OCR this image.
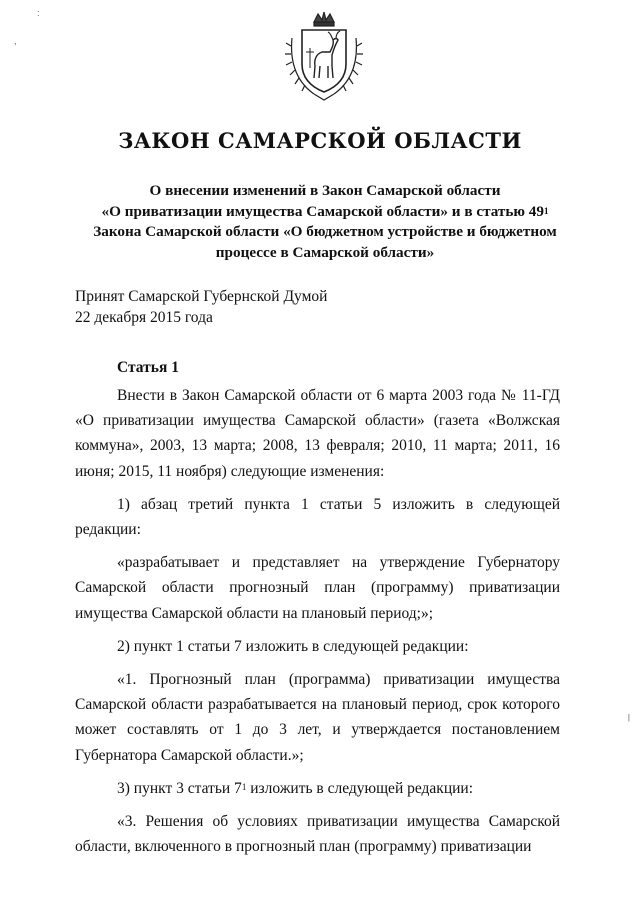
:
,
|
ЗАКОН САМАРСКОЙ ОБЛАСТИ
О внесении изменений в Закон Самарской области
«О приватизации имущества Самарской области» и в статью $49^1$
Закона Самарской области «О бюджетном устройстве и бюджетном
процессе в Самарской области»
Принят Самарской Губернской Думой
22 декабря 2015 года
Статья 1

Внести в Закон Самарской области от 6 марта 2003 года № 11-ГД «О приватизации имущества Самарской области» (газета «Волжская коммуна», 2003, 13 марта; 2008, 13 февраля; 2010, 11 марта; 2011, 16 июня; 2015, 11 ноября) следующие изменения:

1) абзац третий пункта 1 статьи 5 изложить в следующей редакции:

«разрабатывает и представляет на утверждение Губернатору Самарской области прогнозный план (программу) приватизации имущества Самарской области на плановый период;»;

2) пункт 1 статьи 7 изложить в следующей редакции:

«1. Прогнозный план (программа) приватизации имущества Самарской области разрабатывается на плановый период, срок которого может составлять от 1 до 3 лет, и утверждается постановлением Губернатора Самарской области.»;

3) пункт 3 статьи $7^1$ изложить в следующей редакции:

«3. Решения об условиях приватизации имущества Самарской области, включенного в прогнозный план (программу) приватизации
